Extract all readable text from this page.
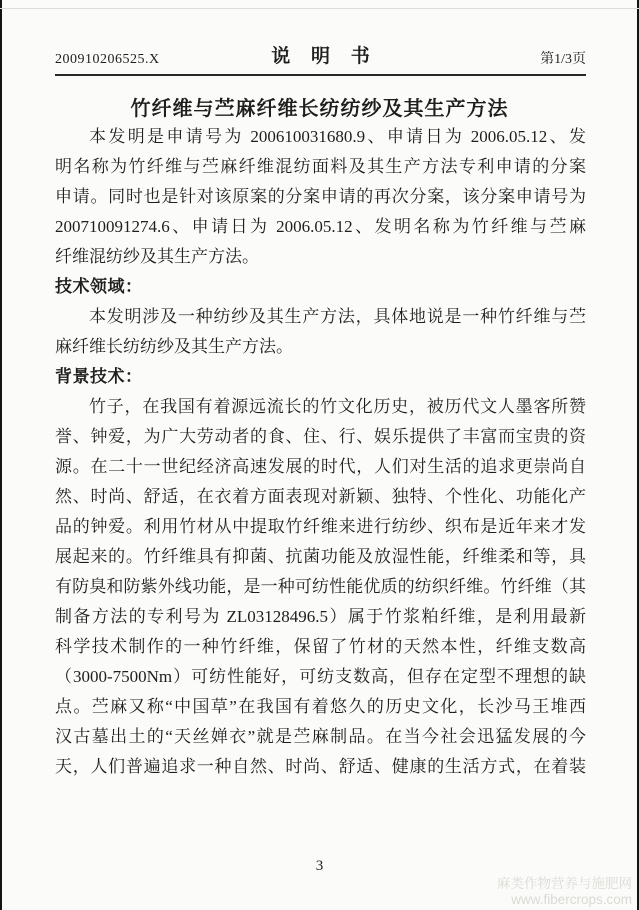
200910206525.X	说 明 书	第1/3页
竹纤维与苎麻纤维长纺纺纱及其生产方法
本发明是申请号为 200610031680.9、申请日为 2006.05.12、发
明名称为竹纤维与苎麻纤维混纺面料及其生产方法专利申请的分案
申请。同时也是针对该原案的分案申请的再次分案，该分案申请号为
200710091274.6、申请日为 2006.05.12、发明名称为竹纤维与苎麻
纤维混纺纱及其生产方法。
技术领域：
本发明涉及一种纺纱及其生产方法，具体地说是一种竹纤维与苎
麻纤维长纺纺纱及其生产方法。
背景技术：
竹子，在我国有着源远流长的竹文化历史，被历代文人墨客所赞
誉、钟爱，为广大劳动者的食、住、行、娱乐提供了丰富而宝贵的资
源。在二十一世纪经济高速发展的时代，人们对生活的追求更崇尚自
然、时尚、舒适，在衣着方面表现对新颖、独特、个性化、功能化产
品的钟爱。利用竹材从中提取竹纤维来进行纺纱、织布是近年来才发
展起来的。竹纤维具有抑菌、抗菌功能及放湿性能，纤维柔和等，具
有防臭和防紫外线功能，是一种可纺性能优质的纺织纤维。竹纤维（其
制备方法的专利号为 ZL03128496.5）属于竹浆粕纤维，是利用最新
科学技术制作的一种竹纤维，保留了竹材的天然本性，纤维支数高
（3000-7500Nm）可纺性能好，可纺支数高，但存在定型不理想的缺
点。苎麻又称“中国草”在我国有着悠久的历史文化，长沙马王堆西
汉古墓出土的“天丝婵衣”就是苎麻制品。在当今社会迅猛发展的今
天，人们普遍追求一种自然、时尚、舒适、健康的生活方式，在着装
3
麻类作物营养与施肥网
www.fibercrops.com
